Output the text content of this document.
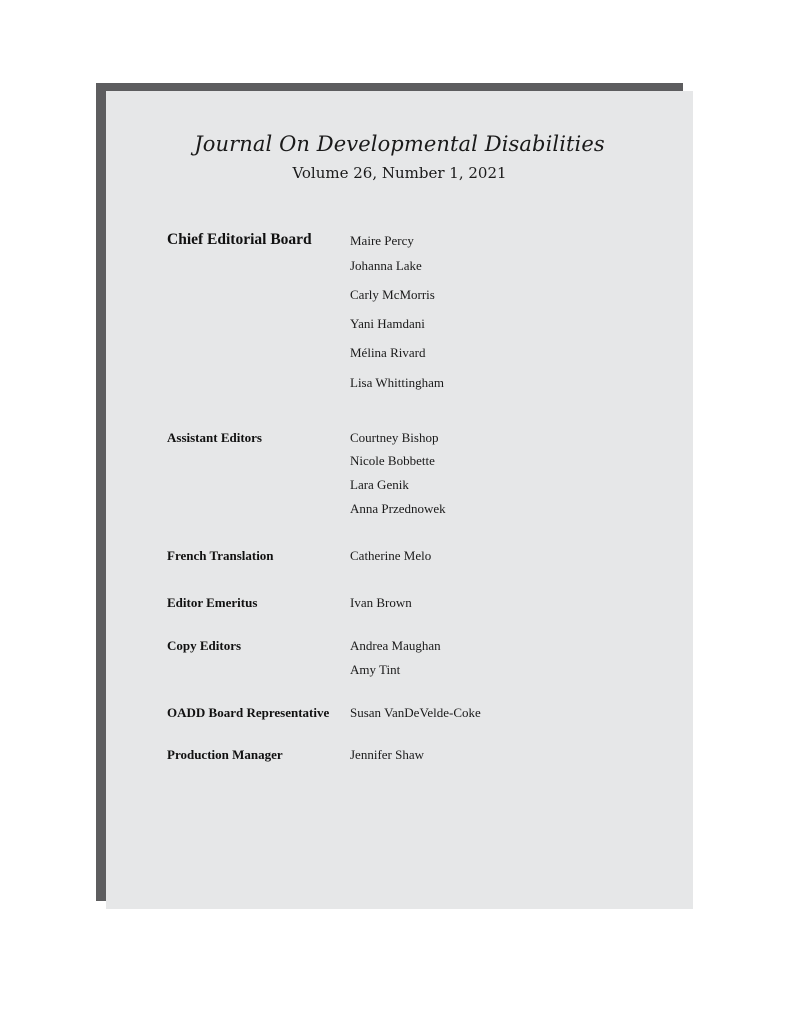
Journal On Developmental Disabilities
Volume 26, Number 1, 2021
Chief Editorial Board	Maire Percy
Johanna Lake
Carly McMorris
Yani Hamdani
Mélina Rivard
Lisa Whittingham
Assistant Editors	Courtney Bishop
Nicole Bobbette
Lara Genik
Anna Przednowek
French Translation	Catherine Melo
Editor Emeritus	Ivan Brown
Copy Editors	Andrea Maughan
Amy Tint
OADD Board Representative Susan VanDeVelde-Coke
Production Manager	Jennifer Shaw
